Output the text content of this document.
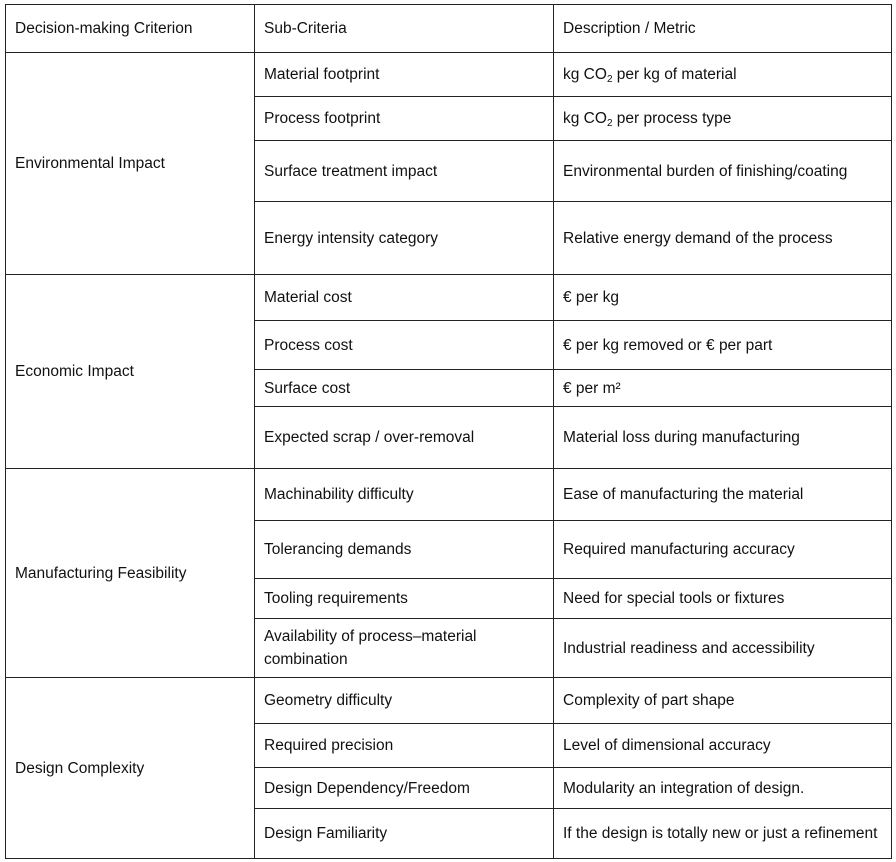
Decision-making Criterion	Sub-Criteria	Description / Metric
Environmental Impact	Material footprint	kg $CO_2$ per kg of material
	Process footprint	kg $CO_2$ per process type
	Surface treatment impact	Environmental burden of finishing/coating
	Energy intensity category	Relative energy demand of the process
Economic Impact	Material cost	€ per kg
	Process cost	€ per kg removed or € per part
	Surface cost	€ per m²
	Expected scrap / over-removal	Material loss during manufacturing
Manufacturing Feasibility	Machinability difficulty	Ease of manufacturing the material
	Tolerancing demands	Required manufacturing accuracy
	Tooling requirements	Need for special tools or fixtures
	Availability of process–material combination	Industrial readiness and accessibility
Design Complexity	Geometry difficulty	Complexity of part shape
	Required precision	Level of dimensional accuracy
	Design Dependency/Freedom	Modularity an integration of design.
	Design Familiarity	If the design is totally new or just a refinement
